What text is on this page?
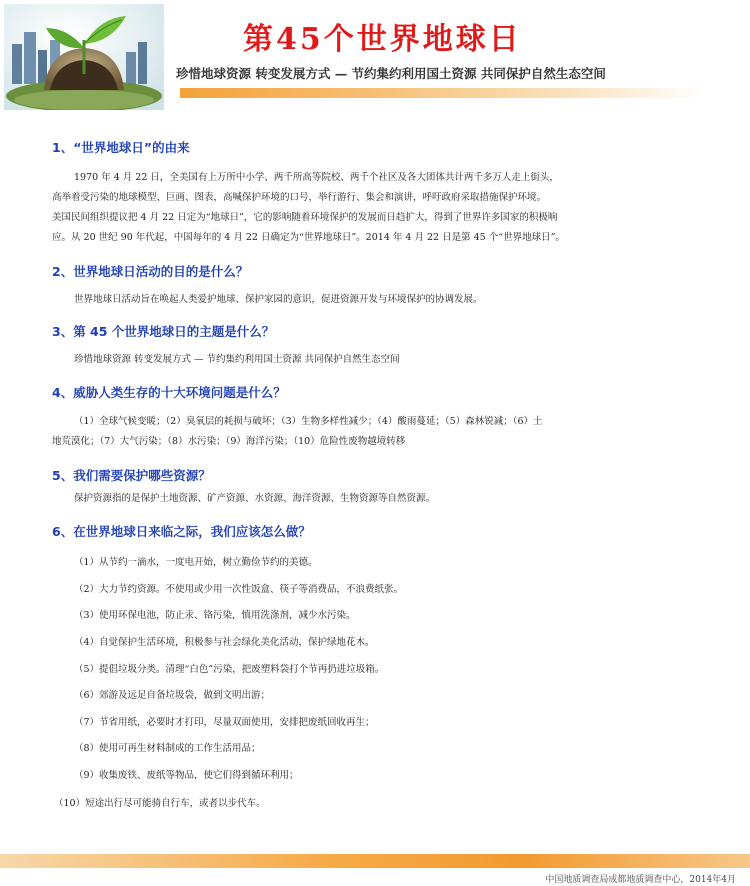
第45个世界地球日
珍惜地球资源 转变发展方式 — 节约集约利用国土资源 共同保护自然生态空间
1、“世界地球日”的由来
1970 年 4 月 22 日，全美国有上万所中小学、两千所高等院校、两千个社区及各大团体共计两千多万人走上街头，
高举着受污染的地球模型、巨画、图表，高喊保护环境的口号，举行游行、集会和演讲，呼吁政府采取措施保护环境。
美国民间组织提议把 4 月 22 日定为“地球日”，它的影响随着环境保护的发展而日趋扩大，得到了世界许多国家的积极响
应。从 20 世纪 90 年代起，中国每年的 4 月 22 日确定为“世界地球日”。2014 年 4 月 22 日是第 45 个“世界地球日”。
2、世界地球日活动的目的是什么？
世界地球日活动旨在唤起人类爱护地球、保护家园的意识，促进资源开发与环境保护的协调发展。
3、第 45 个世界地球日的主题是什么？
珍惜地球资源 转变发展方式 — 节约集约利用国土资源 共同保护自然生态空间
4、威胁人类生存的十大环境问题是什么？
（1）全球气候变暖；（2）臭氧层的耗损与破坏；（3）生物多样性减少；（4）酸雨蔓延；（5）森林锐减；（6）土
地荒漠化；（7）大气污染；（8）水污染；（9）海洋污染；（10）危险性废物越境转移
5、我们需要保护哪些资源？
保护资源指的是保护土地资源、矿产资源、水资源、海洋资源、生物资源等自然资源。
6、在世界地球日来临之际，我们应该怎么做？
（1）从节约一滴水，一度电开始，树立勤俭节约的美德。
（2）大力节约资源。不使用或少用一次性饭盒、筷子等消费品，不浪费纸张。
（3）使用环保电池，防止汞、铬污染，慎用洗涤剂，减少水污染。
（4）自觉保护生活环境，积极参与社会绿化美化活动，保护绿地花木。
（5）提倡垃圾分类。清理“白色”污染，把废塑料袋打个节再扔进垃圾箱。
（6）郊游及远足自备垃圾袋，做到文明出游；
（7）节省用纸，必要时才打印，尽量双面使用，安排把废纸回收再生；
（8）使用可再生材料制成的工作生活用品；
（9）收集废铁、废纸等物品，使它们得到循环利用；
（10）短途出行尽可能骑自行车，或者以步代车。
中国地质调查局成都地质调查中心，2014年4月
